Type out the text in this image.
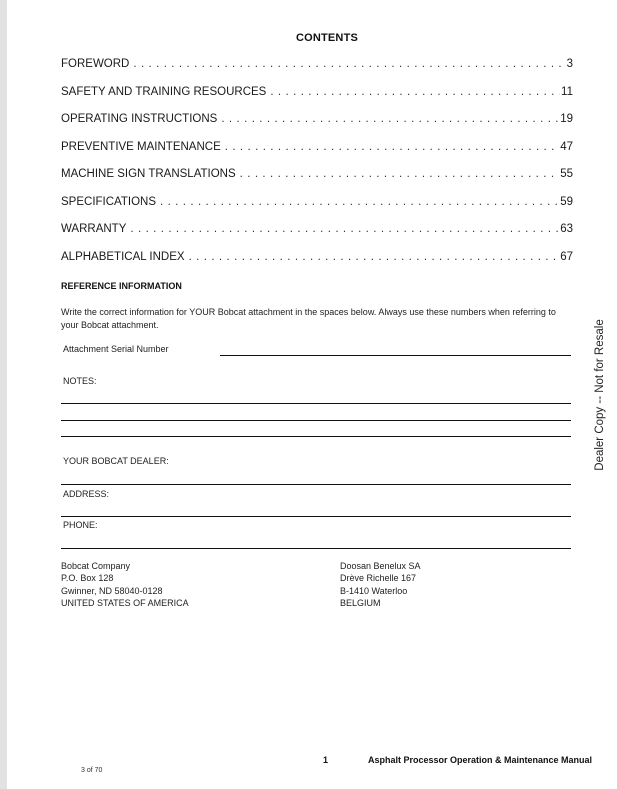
CONTENTS
FOREWORD . . .	3
SAFETY AND TRAINING RESOURCES . . .	11
OPERATING INSTRUCTIONS . . .	19
PREVENTIVE MAINTENANCE . . .	47
MACHINE SIGN TRANSLATIONS . . .	55
SPECIFICATIONS . . .	59
WARRANTY . . .	63
ALPHABETICAL INDEX . . .	67
REFERENCE INFORMATION
Write the correct information for YOUR Bobcat attachment in the spaces below. Always use these numbers when referring to your Bobcat attachment.
Attachment Serial Number
NOTES:
YOUR BOBCAT DEALER:
ADDRESS:
PHONE:
Bobcat Company
P.O. Box 128
Gwinner, ND 58040-0128
UNITED STATES OF AMERICA
Doosan Benelux SA
Drève Richelle 167
B-1410 Waterloo
BELGIUM
Dealer Copy -- Not for Resale
1	Asphalt Processor Operation & Maintenance Manual
3 of 70
